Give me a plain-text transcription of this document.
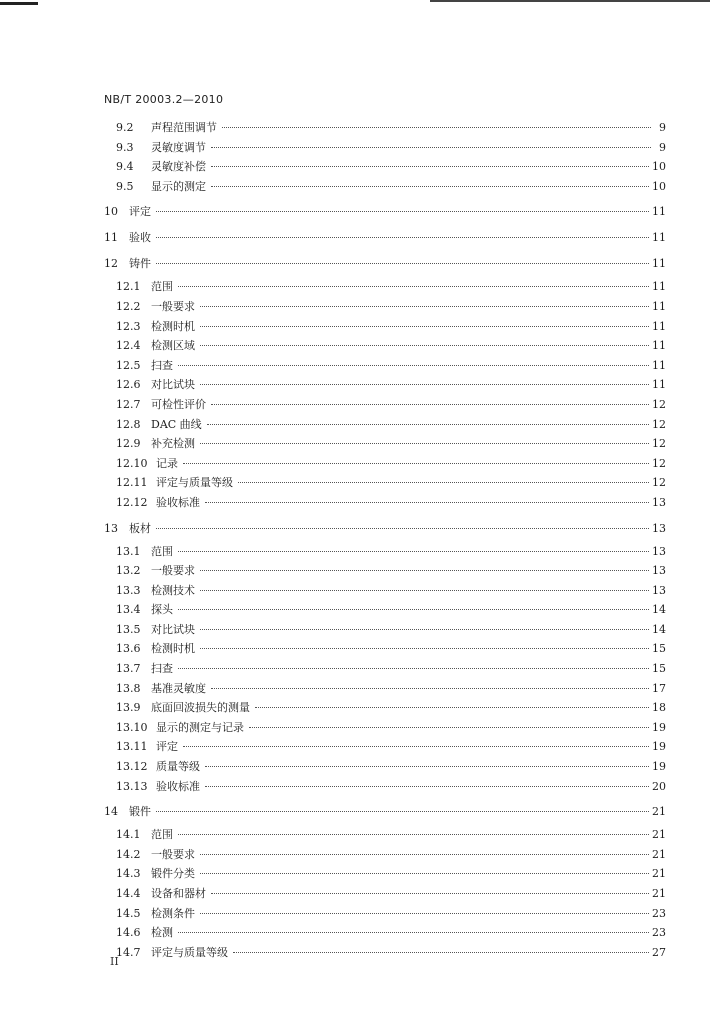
NB/T 20003.2—2010
9.2	声程范围调节	9
9.3	灵敏度调节	9
9.4	灵敏度补偿	10
9.5	显示的测定	10
10	评定	11
11	验收	11
12	铸件	11
12.1 范围	11
12.2 一般要求	11
12.3 检测时机	11
12.4 检测区域	11
12.5 扫查	11
12.6 对比试块	11
12.7 可检性评价	12
12.8 DAC 曲线	12
12.9 补充检测	12
12.10 记录	12
12.11 评定与质量等级	12
12.12 验收标准	13
13	板材	13
13.1 范围	13
13.2 一般要求	13
13.3 检测技术	13
13.4 探头	14
13.5 对比试块	14
13.6 检测时机	15
13.7 扫查	15
13.8 基准灵敏度	17
13.9 底面回波损失的测量	18
13.10 显示的测定与记录	19
13.11 评定	19
13.12 质量等级	19
13.13 验收标准	20
14	锻件	21
14.1 范围	21
14.2 一般要求	21
14.3 锻件分类	21
14.4 设备和器材	21
14.5 检测条件	23
14.6 检测	23
14.7 评定与质量等级	27
II
